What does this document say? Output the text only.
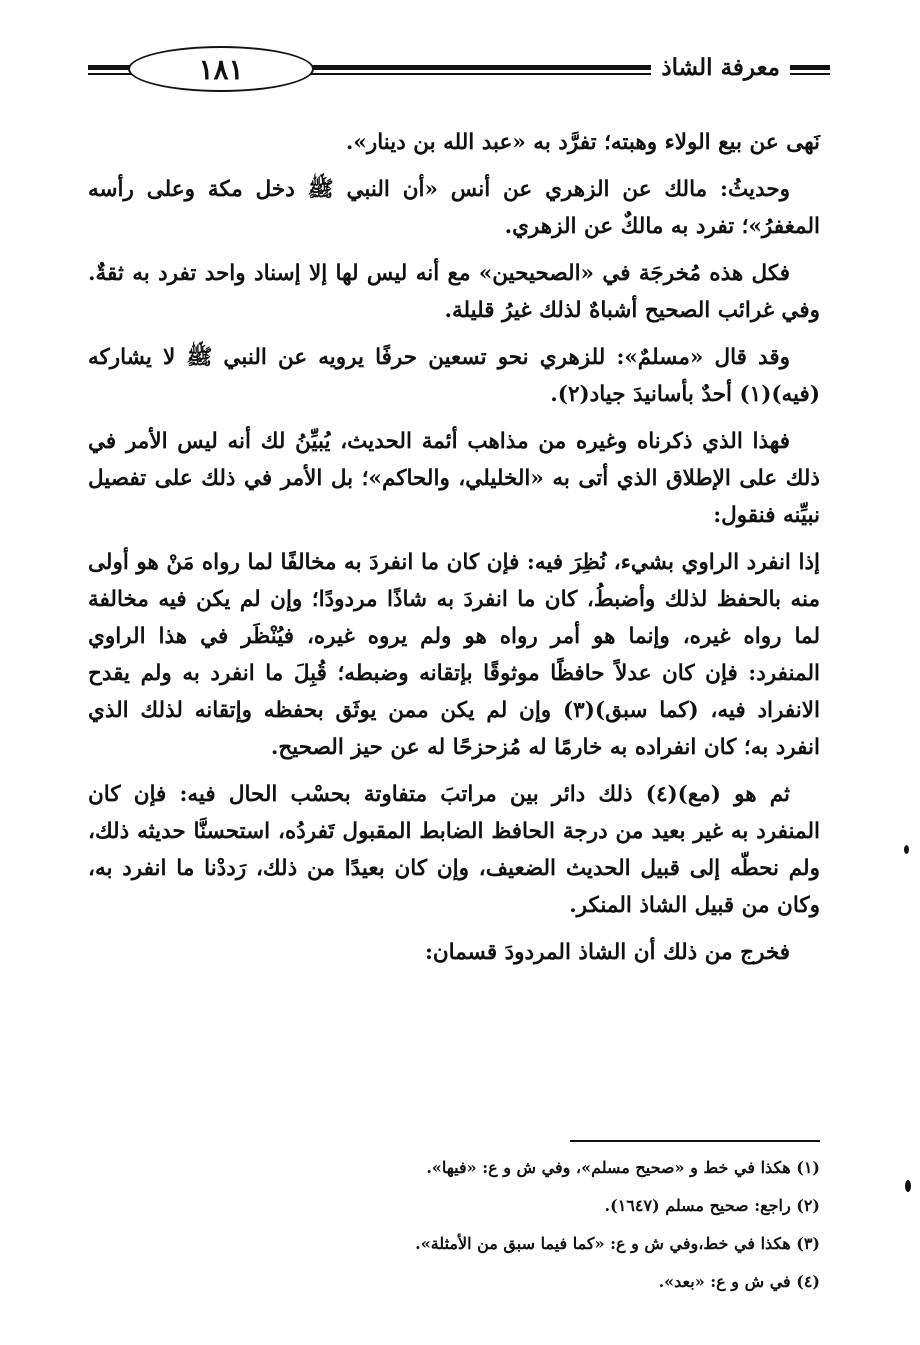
معرفة الشاذ
١٨١

نَهى عن بيع الولاء وهبته؛ تفرَّد به «عبد الله بن دينار».

وحديثُ: مالك عن الزهري عن أنس «أن النبي ﷺ دخل مكة وعلى رأسه المغفرُ»؛ تفرد به مالكٌ عن الزهري.

فكل هذه مُخرجَة في «الصحيحين» مع أنه ليس لها إلا إسناد واحد تفرد به ثقةٌ. وفي غرائب الصحيح أشباهٌ لذلك غيرُ قليلة.

وقد قال «مسلمٌ»: للزهري نحو تسعين حرفًا يرويه عن النبي ﷺ لا يشاركه (فيه)(١) أحدٌ بأسانيدَ جياد(٢).

فهذا الذي ذكرناه وغيره من مذاهب أئمة الحديث، يُبيِّنُ لك أنه ليس الأمر في ذلك على الإطلاق الذي أتى به «الخليلي، والحاكم»؛ بل الأمر في ذلك على تفصيل نبيِّنه فنقول:

إذا انفرد الراوي بشيء، نُظِرَ فيه: فإن كان ما انفردَ به مخالفًا لما رواه مَنْ هو أولى منه بالحفظ لذلك وأضبطُ، كان ما انفردَ به شاذًا مردودًا؛ وإن لم يكن فيه مخالفة لما رواه غيره، وإنما هو أمر رواه هو ولم يروه غيره، فيُنْظَر في هذا الراوي المنفرد: فإن كان عدلاً حافظًا موثوقًا بإتقانه وضبطه؛ قُبِلَ ما انفرد به ولم يقدح الانفراد فيه، (كما سبق)(٣) وإن لم يكن ممن يوثَق بحفظه وإتقانه لذلك الذي انفرد به؛ كان انفراده به خارمًا له مُزحزحًا له عن حيز الصحيح.

ثم هو (مع)(٤) ذلك دائر بين مراتبَ متفاوتة بحسْب الحال فيه: فإن كان المنفرد به غير بعيد من درجة الحافظ الضابط المقبول تَفردُه، استحسنَّا حديثه ذلك، ولم نحطّه إلى قبيل الحديث الضعيف، وإن كان بعيدًا من ذلك، رَددْنا ما انفرد به، وكان من قبيل الشاذ المنكر.

فخرج من ذلك أن الشاذ المردودَ قسمان:

(١) هكذا في خط و «صحيح مسلم»، وفي ش و ع: «فيها».

(٢) راجع: صحيح مسلم (١٦٤٧).

(٣) هكذا في خط،وفي ش و ع: «كما فيما سبق من الأمثلة».

(٤) في ش و ع: «بعد».
